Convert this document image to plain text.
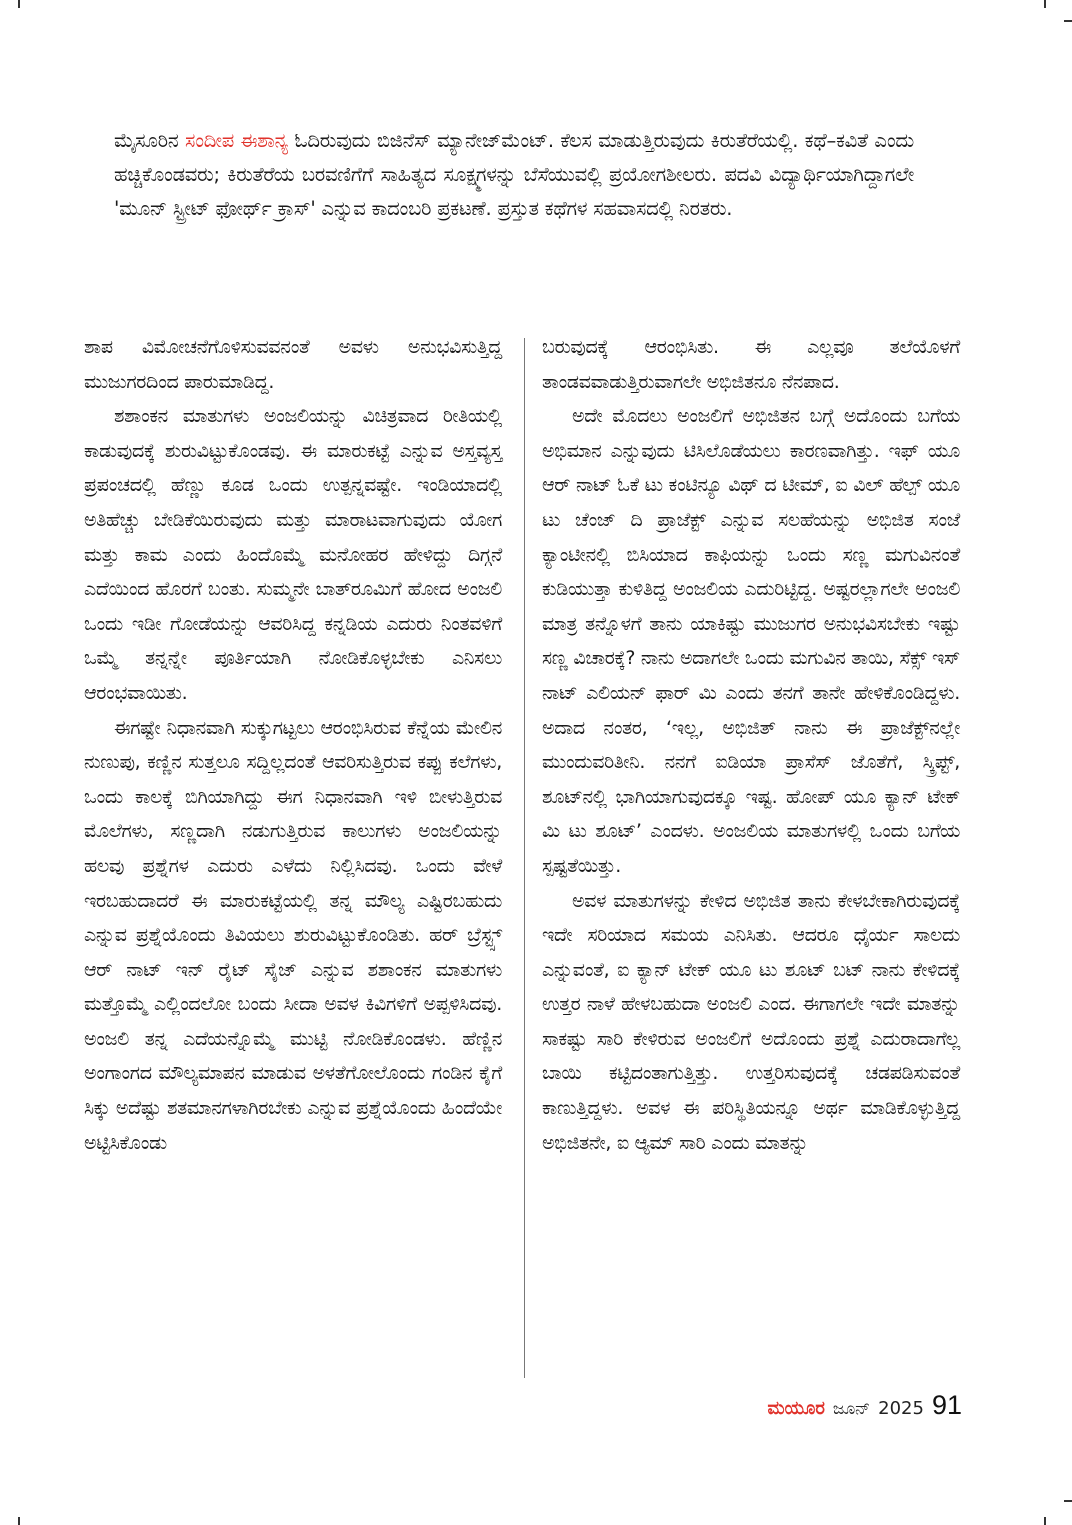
ಮೈಸೂರಿನ ಸಂದೀಪ ಈಶಾನ್ಯ ಓದಿರುವುದು ಬಿಜಿನೆಸ್ ಮ್ಯಾನೇಜ್‌ಮೆಂಟ್. ಕೆಲಸ ಮಾಡುತ್ತಿರುವುದು ಕಿರುತೆರೆಯಲ್ಲಿ. ಕಥೆ–ಕವಿತೆ ಎಂದು ಹಚ್ಚಿಕೊಂಡವರು; ಕಿರುತೆರೆಯ ಬರವಣಿಗೆಗೆ ಸಾಹಿತ್ಯದ ಸೂಕ್ಷ್ಮಗಳನ್ನು ಬೆಸೆಯುವಲ್ಲಿ ಪ್ರಯೋಗಶೀಲರು. ಪದವಿ ವಿದ್ಯಾರ್ಥಿಯಾಗಿದ್ದಾಗಲೇ 'ಮೂನ್ ಸ್ಟ್ರೀಟ್ ಫೋರ್ಥ್ ಕ್ರಾಸ್' ಎನ್ನುವ ಕಾದಂಬರಿ ಪ್ರಕಟಣೆ. ಪ್ರಸ್ತುತ ಕಥೆಗಳ ಸಹವಾಸದಲ್ಲಿ ನಿರತರು.

ಶಾಪ ವಿಮೋಚನೆಗೊಳಿಸುವವನಂತೆ ಅವಳು ಅನುಭವಿಸುತ್ತಿದ್ದ ಮುಜುಗರದಿಂದ ಪಾರುಮಾಡಿದ್ದ.

ಶಶಾಂಕನ ಮಾತುಗಳು ಅಂಜಲಿಯನ್ನು ವಿಚಿತ್ರವಾದ ರೀತಿಯಲ್ಲಿ ಕಾಡುವುದಕ್ಕೆ ಶುರುವಿಟ್ಟುಕೊಂಡವು. ಈ ಮಾರುಕಟ್ಟೆ ಎನ್ನುವ ಅಸ್ತವ್ಯಸ್ತ ಪ್ರಪಂಚದಲ್ಲಿ ಹೆಣ್ಣು ಕೂಡ ಒಂದು ಉತ್ಪನ್ನವಷ್ಟೇ. ಇಂಡಿಯಾದಲ್ಲಿ ಅತಿಹೆಚ್ಚು ಬೇಡಿಕೆಯಿರುವುದು ಮತ್ತು ಮಾರಾಟವಾಗುವುದು ಯೋಗ ಮತ್ತು ಕಾಮ ಎಂದು ಹಿಂದೊಮ್ಮೆ ಮನೋಹರ ಹೇಳಿದ್ದು ದಿಗ್ಗನೆ ಎದೆಯಿಂದ ಹೊರಗೆ ಬಂತು. ಸುಮ್ಮನೇ ಬಾತ್‌ರೂಮಿಗೆ ಹೋದ ಅಂಜಲಿ ಒಂದು ಇಡೀ ಗೋಡೆಯನ್ನು ಆವರಿಸಿದ್ದ ಕನ್ನಡಿಯ ಎದುರು ನಿಂತವಳಿಗೆ ಒಮ್ಮೆ ತನ್ನನ್ನೇ ಪೂರ್ತಿಯಾಗಿ ನೋಡಿಕೊಳ್ಳಬೇಕು ಎನಿಸಲು ಆರಂಭವಾಯಿತು.

ಈಗಷ್ಟೇ ನಿಧಾನವಾಗಿ ಸುಕ್ಕುಗಟ್ಟಲು ಆರಂಭಿಸಿರುವ ಕೆನ್ನೆಯ ಮೇಲಿನ ನುಣುಪು, ಕಣ್ಣಿನ ಸುತ್ತಲೂ ಸದ್ದಿಲ್ಲದಂತೆ ಆವರಿಸುತ್ತಿರುವ ಕಪ್ಪು ಕಲೆಗಳು, ಒಂದು ಕಾಲಕ್ಕೆ ಬಿಗಿಯಾಗಿದ್ದು ಈಗ ನಿಧಾನವಾಗಿ ಇಳಿ ಬೀಳುತ್ತಿರುವ ಮೊಲೆಗಳು, ಸಣ್ಣದಾಗಿ ನಡುಗುತ್ತಿರುವ ಕಾಲುಗಳು ಅಂಜಲಿಯನ್ನು ಹಲವು ಪ್ರಶ್ನೆಗಳ ಎದುರು ಎಳೆದು ನಿಲ್ಲಿಸಿದವು. ಒಂದು ವೇಳೆ ಇರಬಹುದಾದರೆ ಈ ಮಾರುಕಟ್ಟೆಯಲ್ಲಿ ತನ್ನ ಮೌಲ್ಯ ಎಷ್ಟಿರಬಹುದು ಎನ್ನುವ ಪ್ರಶ್ನೆಯೊಂದು ತಿವಿಯಲು ಶುರುವಿಟ್ಟುಕೊಂಡಿತು. ಹರ್ ಬ್ರೆಸ್ಟ್ಸ್ ಆರ್ ನಾಟ್ ಇನ್ ರೈಟ್ ಸೈಜ್ ಎನ್ನುವ ಶಶಾಂಕನ ಮಾತುಗಳು ಮತ್ತೊಮ್ಮೆ ಎಲ್ಲಿಂದಲೋ ಬಂದು ಸೀದಾ ಅವಳ ಕಿವಿಗಳಿಗೆ ಅಪ್ಪಳಿಸಿದವು. ಅಂಜಲಿ ತನ್ನ ಎದೆಯನ್ನೊಮ್ಮೆ ಮುಟ್ಟಿ ನೋಡಿಕೊಂಡಳು. ಹೆಣ್ಣಿನ ಅಂಗಾಂಗದ ಮೌಲ್ಯಮಾಪನ ಮಾಡುವ ಅಳತೆಗೋಲೊಂದು ಗಂಡಿನ ಕೈಗೆ ಸಿಕ್ಕು ಅದೆಷ್ಟು ಶತಮಾನಗಳಾಗಿರಬೇಕು ಎನ್ನುವ ಪ್ರಶ್ನೆಯೊಂದು ಹಿಂದೆಯೇ ಅಟ್ಟಿಸಿಕೊಂಡು

ಬರುವುದಕ್ಕೆ ಆರಂಭಿಸಿತು. ಈ ಎಲ್ಲವೂ ತಲೆಯೊಳಗೆ ತಾಂಡವವಾಡುತ್ತಿರುವಾಗಲೇ ಅಭಿಜಿತನೂ ನೆನಪಾದ.

ಅದೇ ಮೊದಲು ಅಂಜಲಿಗೆ ಅಭಿಜಿತನ ಬಗ್ಗೆ ಅದೊಂದು ಬಗೆಯ ಅಭಿಮಾನ ಎನ್ನುವುದು ಟಿಸಿಲೊಡೆಯಲು ಕಾರಣವಾಗಿತ್ತು. ಇಫ್ ಯೂ ಆರ್ ನಾಟ್ ಓಕೆ ಟು ಕಂಟಿನ್ಯೂ ವಿಥ್ ದ ಟೀಮ್, ಐ ವಿಲ್ ಹೆಲ್ಪ್ ಯೂ ಟು ಚೆಂಜ್ ದಿ ಪ್ರಾಜೆಕ್ಟ್ ಎನ್ನುವ ಸಲಹೆಯನ್ನು ಅಭಿಜಿತ ಸಂಜೆ ಕ್ಯಾಂಟೀನಲ್ಲಿ ಬಿಸಿಯಾದ ಕಾಫಿಯನ್ನು ಒಂದು ಸಣ್ಣ ಮಗುವಿನಂತೆ ಕುಡಿಯುತ್ತಾ ಕುಳಿತಿದ್ದ ಅಂಜಲಿಯ ಎದುರಿಟ್ಟಿದ್ದ. ಅಷ್ಟರಲ್ಲಾಗಲೇ ಅಂಜಲಿ ಮಾತ್ರ ತನ್ನೊಳಗೆ ತಾನು ಯಾಕಿಷ್ಟು ಮುಜುಗರ ಅನುಭವಿಸಬೇಕು ಇಷ್ಟು ಸಣ್ಣ ವಿಚಾರಕ್ಕೆ? ನಾನು ಅದಾಗಲೇ ಒಂದು ಮಗುವಿನ ತಾಯಿ, ಸೆಕ್ಸ್ ಇಸ್ ನಾಟ್ ಎಲಿಯನ್ ಫಾರ್ ಮಿ ಎಂದು ತನಗೆ ತಾನೇ ಹೇಳಿಕೊಂಡಿದ್ದಳು. ಅದಾದ ನಂತರ, ‘ಇಲ್ಲ, ಅಭಿಜಿತ್ ನಾನು ಈ ಪ್ರಾಜೆಕ್ಟ್‌ನಲ್ಲೇ ಮುಂದುವರಿತೀನಿ. ನನಗೆ ಐಡಿಯಾ ಪ್ರಾಸೆಸ್ ಜೊತೆಗೆ, ಸ್ಕ್ರಿಪ್ಟ್, ಶೂಟ್‌ನಲ್ಲಿ ಭಾಗಿಯಾಗುವುದಕ್ಕೂ ಇಷ್ಟ. ಹೋಪ್ ಯೂ ಕ್ಯಾನ್ ಟೇಕ್ ಮಿ ಟು ಶೂಟ್’ ಎಂದಳು. ಅಂಜಲಿಯ ಮಾತುಗಳಲ್ಲಿ ಒಂದು ಬಗೆಯ ಸ್ಪಷ್ಟತೆಯಿತ್ತು.

ಅವಳ ಮಾತುಗಳನ್ನು ಕೇಳಿದ ಅಭಿಜಿತ ತಾನು ಕೇಳಬೇಕಾಗಿರುವುದಕ್ಕೆ ಇದೇ ಸರಿಯಾದ ಸಮಯ ಎನಿಸಿತು. ಆದರೂ ಧೈರ್ಯ ಸಾಲದು ಎನ್ನುವಂತೆ, ಐ ಕ್ಯಾನ್ ಟೇಕ್ ಯೂ ಟು ಶೂಟ್ ಬಟ್ ನಾನು ಕೇಳಿದಕ್ಕೆ ಉತ್ತರ ನಾಳೆ ಹೇಳಬಹುದಾ ಅಂಜಲಿ ಎಂದ. ಈಗಾಗಲೇ ಇದೇ ಮಾತನ್ನು ಸಾಕಷ್ಟು ಸಾರಿ ಕೇಳಿರುವ ಅಂಜಲಿಗೆ ಅದೊಂದು ಪ್ರಶ್ನೆ ಎದುರಾದಾಗೆಲ್ಲ ಬಾಯಿ ಕಟ್ಟಿದಂತಾಗುತ್ತಿತ್ತು. ಉತ್ತರಿಸುವುದಕ್ಕೆ ಚಡಪಡಿಸುವಂತೆ ಕಾಣುತ್ತಿದ್ದಳು. ಅವಳ ಈ ಪರಿಸ್ಥಿತಿಯನ್ನೂ ಅರ್ಥ ಮಾಡಿಕೊಳ್ಳುತ್ತಿದ್ದ ಅಭಿಜಿತನೇ, ಐ ಆ್ಯಮ್ ಸಾರಿ ಎಂದು ಮಾತನ್ನು

ಮಯೂರ ಜೂನ್ 2025 91
